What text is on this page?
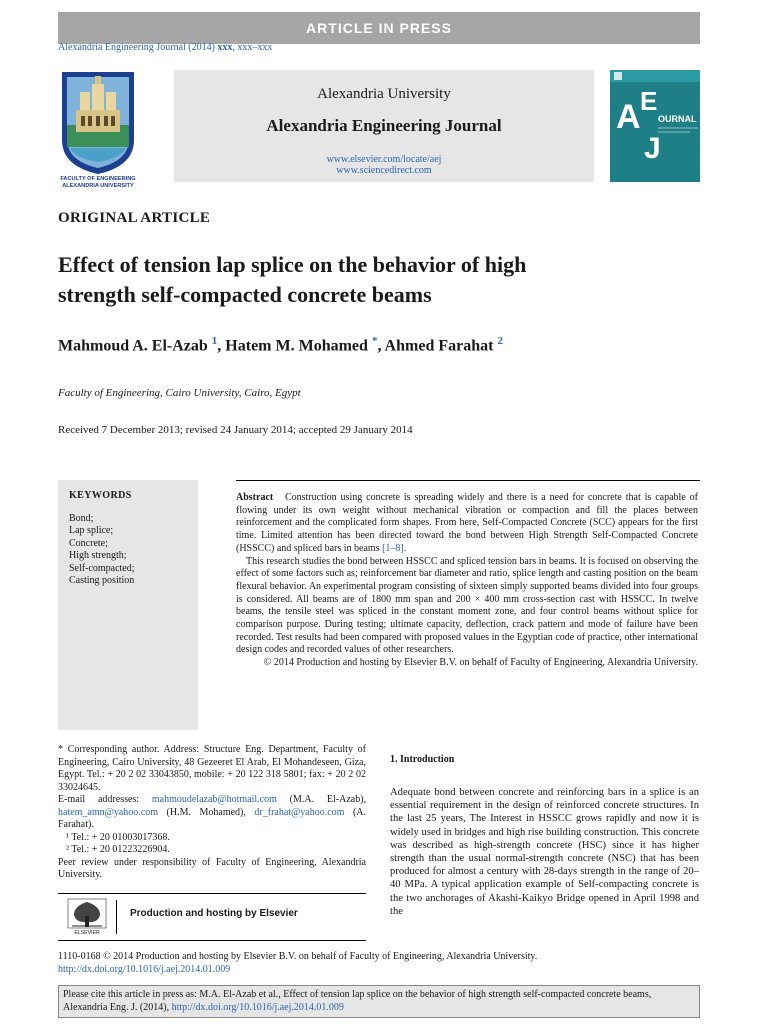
ARTICLE IN PRESS
Alexandria Engineering Journal (2014) xxx, xxx–xxx
FACULTY OF ENGINEERING
ALEXANDRIA UNIVERSITY
Alexandria University
Alexandria Engineering Journal
www.elsevier.com/locate/aej
www.sciencedirect.com
A E
J
OURNAL
ORIGINAL ARTICLE
Effect of tension lap splice on the behavior of high
strength self-compacted concrete beams
Mahmoud A. El-Azab $^1$, Hatem M. Mohamed *, Ahmed Farahat $^2$
Faculty of Engineering, Cairo University, Cairo, Egypt
Received 7 December 2013; revised 24 January 2014; accepted 29 January 2014
KEYWORDS
Bond;
Lap splice;
Concrete;
High strength;
Self-compacted;
Casting position

Abstract Construction using concrete is spreading widely and there is a need for concrete that is capable of flowing under its own weight without mechanical vibration or compaction and fill the places between reinforcement and the complicated form shapes. From here, Self-Compacted Concrete (SCC) appears for the first time. Limited attention has been directed toward the bond between High Strength Self-Compacted Concrete (HSSCC) and spliced bars in beams [1–8].

This research studies the bond between HSSCC and spliced tension bars in beams. It is focused on observing the effect of some factors such as; reinforcement bar diameter and ratio, splice length and casting position on the beam flexural behavior. An experimental program consisting of sixteen simply supported beams divided into four groups is considered. All beams are of 1800 mm span and 200 × 400 mm cross-section cast with HSSCC. In twelve beams, the tensile steel was spliced in the constant moment zone, and four control beams without splice for comparison purpose. During testing; ultimate capacity, deflection, crack pattern and mode of failure have been recorded. Test results had been compared with proposed values in the Egyptian code of practice, other international design codes and recorded values of other researchers.

© 2014 Production and hosting by Elsevier B.V. on behalf of Faculty of Engineering, Alexandria University.

* Corresponding author. Address: Structure Eng. Department, Faculty of Engineering, Cairo University, 48 Gezeeret El Arab, El Mohandeseen, Giza, Egypt. Tel.: + 20 2 02 33043850, mobile: + 20 122 318 5801; fax: + 20 2 02 33024645.

E-mail addresses: mahmoudelazab@hotmail.com (M.A. El-Azab), hatem_amn@yahoo.com (H.M. Mohamed), dr_frahat@yahoo.com (A. Farahat).

¹ Tel.: + 20 01003017368.

² Tel.: + 20 01223226904.

Peer review under responsibility of Faculty of Engineering, Alexandria University.

ELSEVIER
Production and hosting by Elsevier
1. Introduction
Adequate bond between concrete and reinforcing bars in a splice is an essential requirement in the design of reinforced concrete structures. In the last 25 years, The Interest in HSSCC grows rapidly and now it is widely used in bridges and high rise building construction. This concrete was described as high-strength concrete (HSC) since it has higher strength than the usual normal-strength concrete (NSC) that has been produced for almost a century with 28-days strength in the range of 20–40 MPa. A typical application example of Self-compacting concrete is the two anchorages of Akashi-Kaikyo Bridge opened in April 1998 and the
1110-0168 © 2014 Production and hosting by Elsevier B.V. on behalf of Faculty of Engineering, Alexandria University.
http://dx.doi.org/10.1016/j.aej.2014.01.009
Please cite this article in press as: M.A. El-Azab et al., Effect of tension lap splice on the behavior of high strength self-compacted concrete beams, Alexandria Eng. J. (2014), http://dx.doi.org/10.1016/j.aej.2014.01.009
